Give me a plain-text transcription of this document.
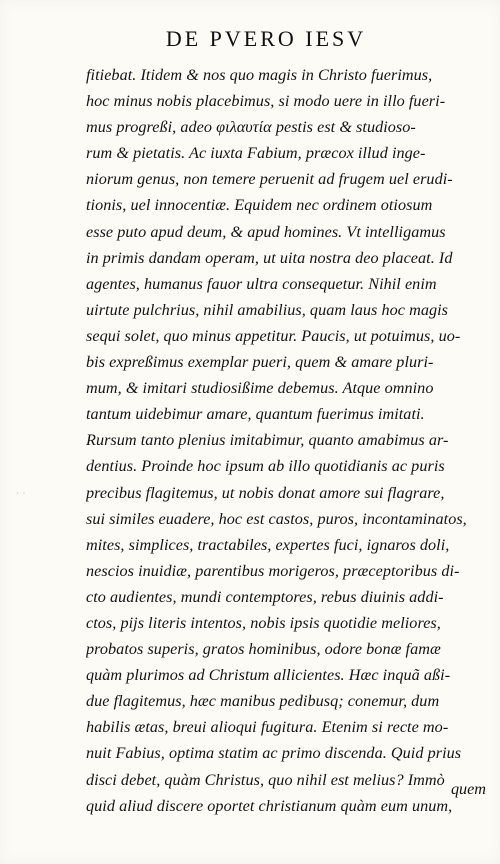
DE PVERO IESV
fitiebat. Itidem & nos quo magis in Christo fuerimus,
hoc minus nobis placebimus, si modo uere in illo fueri-
mus progreßi, adeo φιλαυτία pestis est & studioso-
rum & pietatis. Ac iuxta Fabium, præcox illud inge-
niorum genus, non temere peruenit ad frugem uel erudi-
tionis, uel innocentiæ. Equidem nec ordinem otiosum
esse puto apud deum, & apud homines. Vt intelligamus
in primis dandam operam, ut uita nostra deo placeat. Id
agentes, humanus fauor ultra consequetur. Nihil enim
uirtute pulchrius, nihil amabilius, quam laus hoc magis
sequi solet, quo minus appetitur. Paucis, ut potuimus, uo-
bis expreßimus exemplar pueri, quem & amare pluri-
mum, & imitari studiosißime debemus. Atque omnino
tantum uidebimur amare, quantum fuerimus imitati.
Rursum tanto plenius imitabimur, quanto amabimus ar-
dentius. Proinde hoc ipsum ab illo quotidianis ac puris
precibus flagitemus, ut nobis donat amore sui flagrare,
sui similes euadere, hoc est castos, puros, incontaminatos,
mites, simplices, tractabiles, expertes fuci, ignaros doli,
nescios inuidiæ, parentibus morigeros, præceptoribus di-
cto audientes, mundi contemptores, rebus diuinis addi-
ctos, pijs literis intentos, nobis ipsis quotidie meliores,
probatos superis, gratos hominibus, odore bonæ famæ
quàm plurimos ad Christum allicientes. Hæc inquã aßi-
due flagitemus, hæc manibus pedibusq; conemur, dum
habilis ætas, breui alioqui fugitura. Etenim si recte mo-
nuit Fabius, optima statim ac primo discenda. Quid prius
disci debet, quàm Christus, quo nihil est melius? Immò
quid aliud discere oportet christianum quàm eum unum,
quem
· ·
